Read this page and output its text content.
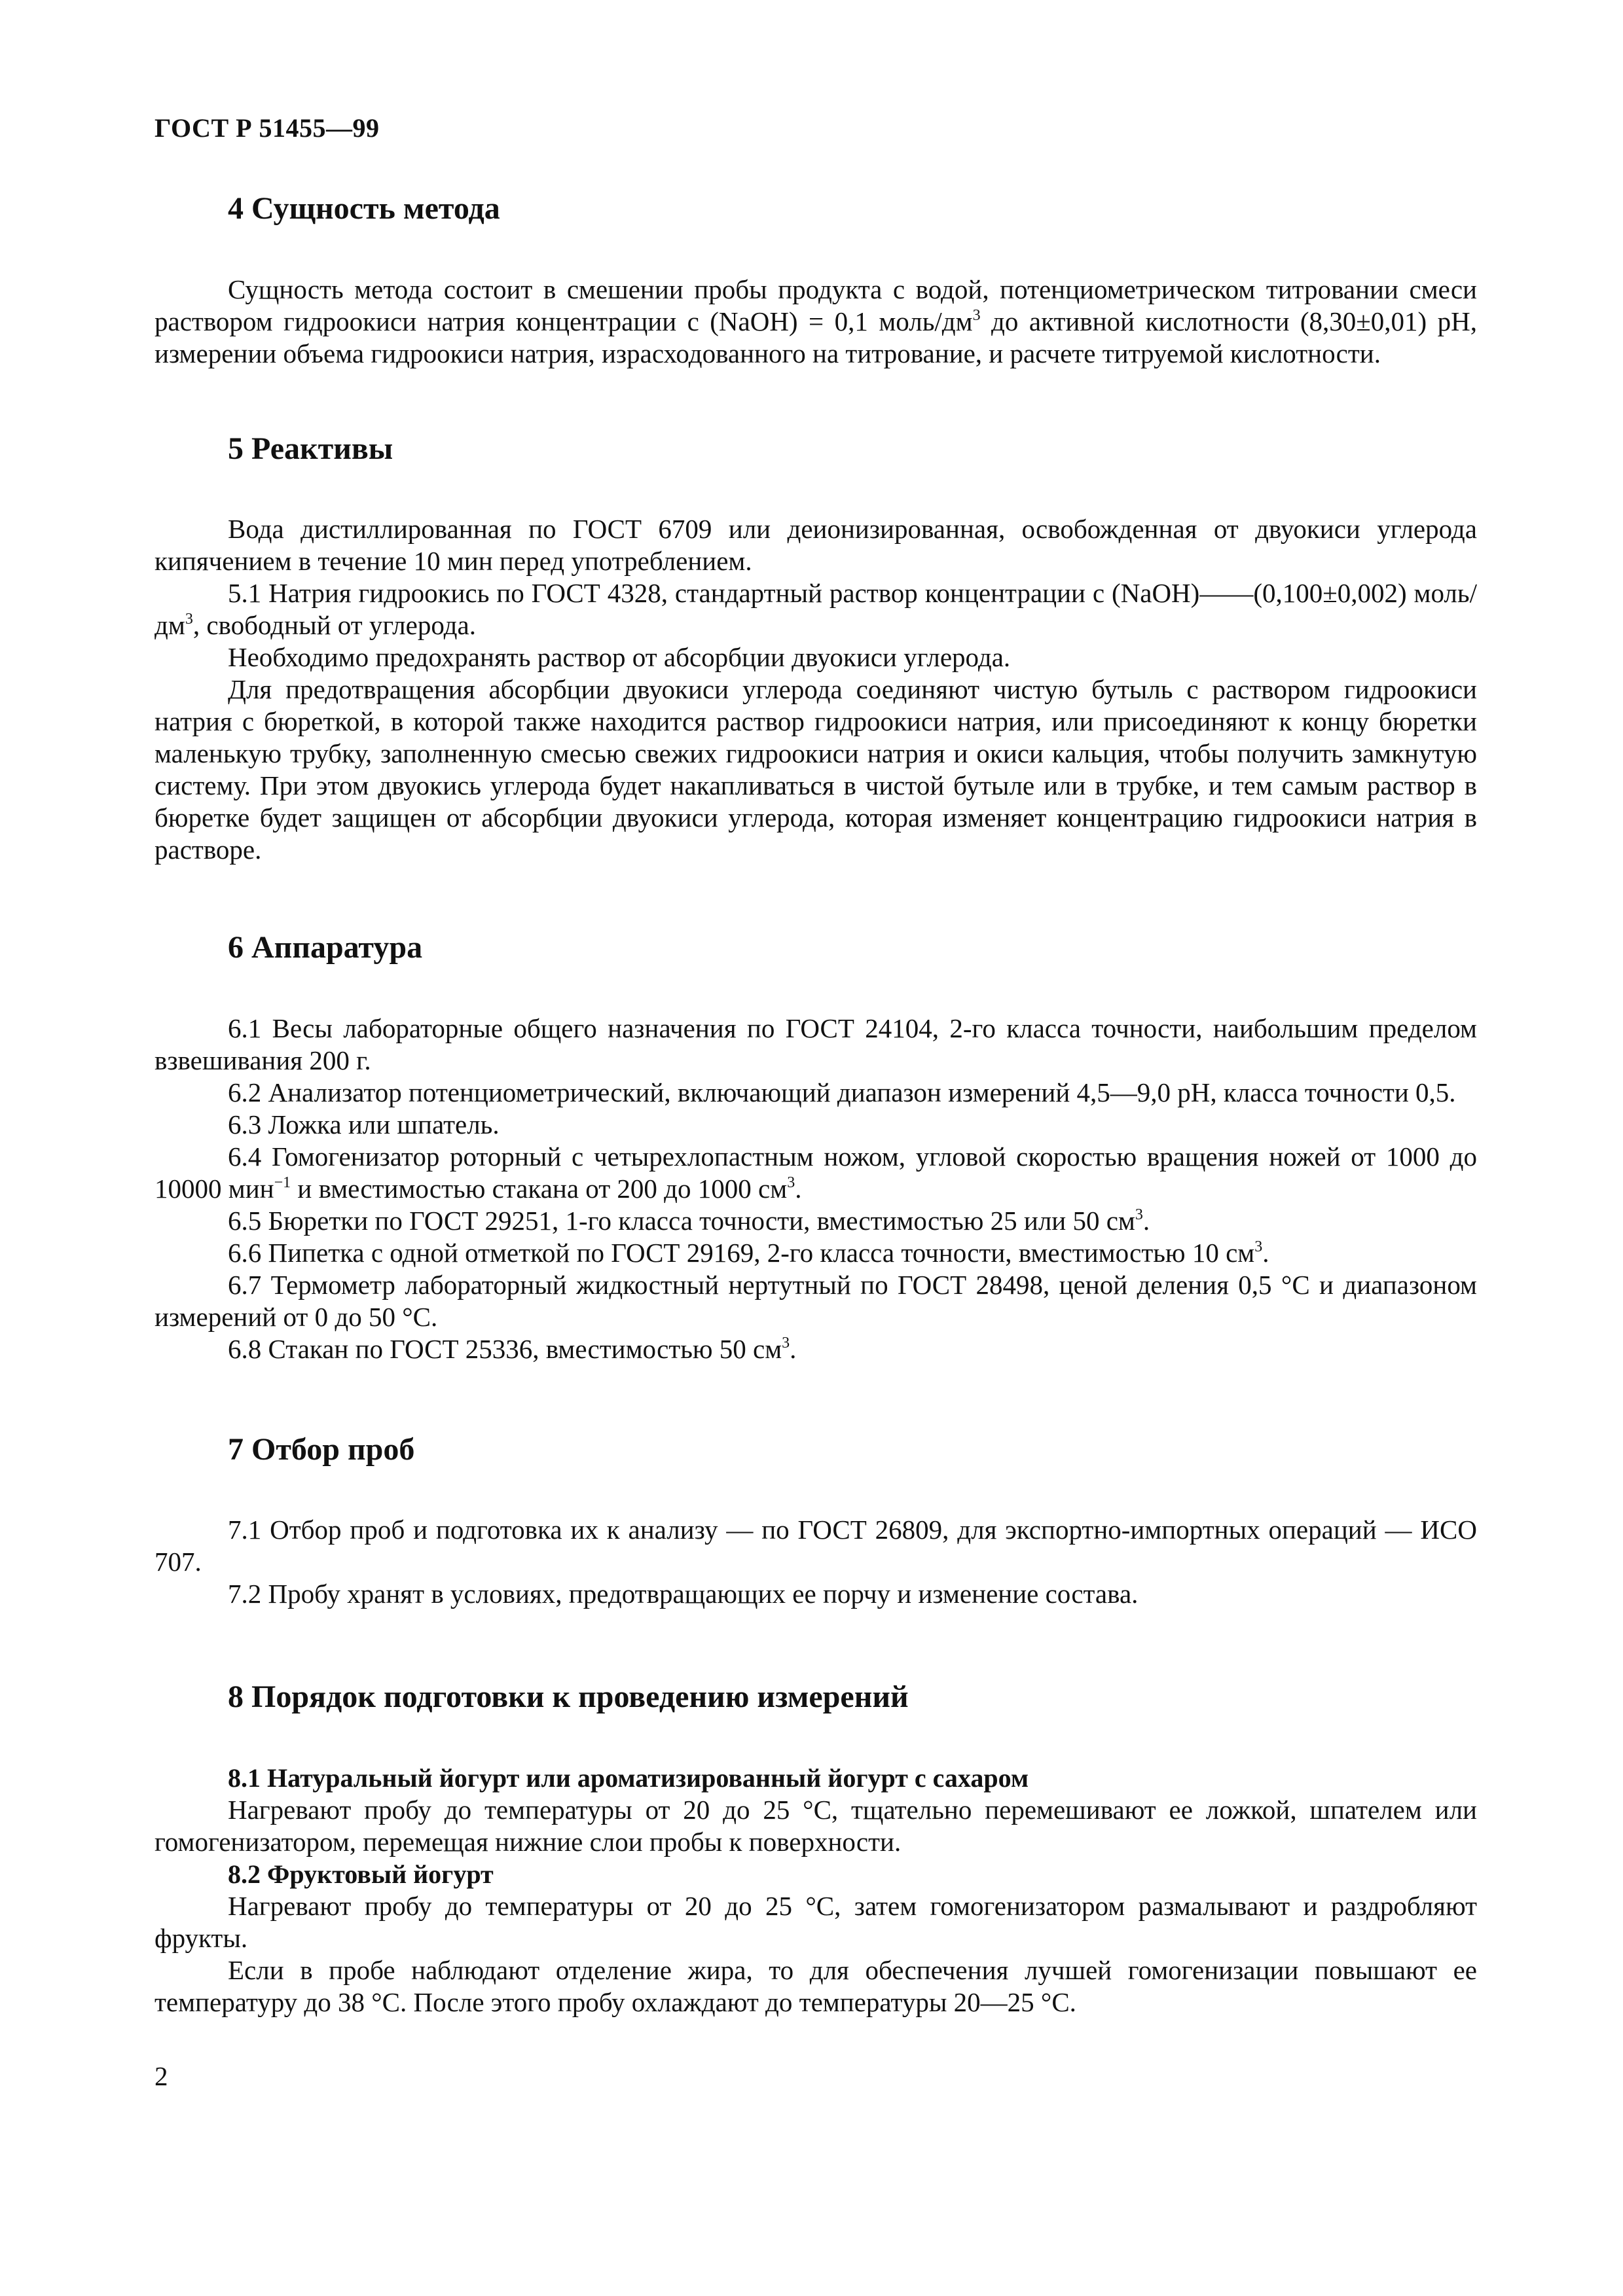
ГОСТ Р 51455—99
4 Сущность метода

Сущность метода состоит в смешении пробы продукта с водой, потенциометрическом титровании смеси раствором гидроокиси натрия концентрации c (NaOH) = 0,1 моль/$дм^3$ до активной кислотности (8,30±0,01) pH, измерении объема гидроокиси натрия, израсходованного на титрование, и расчете титруемой кислотности.

5 Реактивы

Вода дистиллированная по ГОСТ 6709 или деионизированная, освобожденная от двуокиси углерода кипячением в течение 10 мин перед употреблением.

5.1 Натрия гидроокись по ГОСТ 4328, стандартный раствор концентрации c (NaOH)——(0,100±0,002) моль/$дм^3$, свободный от углерода.

Необходимо предохранять раствор от абсорбции двуокиси углерода.

Для предотвращения абсорбции двуокиси углерода соединяют чистую бутыль с раствором гидроокиси натрия с бюреткой, в которой также находится раствор гидроокиси натрия, или присоединяют к концу бюретки маленькую трубку, заполненную смесью свежих гидроокиси натрия и окиси кальция, чтобы получить замкнутую систему. При этом двуокись углерода будет накапливаться в чистой бутыле или в трубке, и тем самым раствор в бюретке будет защищен от абсорбции двуокиси углерода, которая изменяет концентрацию гидроокиси натрия в растворе.

6 Аппаратура

6.1 Весы лабораторные общего назначения по ГОСТ 24104, 2-го класса точности, наибольшим пределом взвешивания 200 г.

6.2 Анализатор потенциометрический, включающий диапазон измерений 4,5—9,0 pH, класса точности 0,5.

6.3 Ложка или шпатель.

6.4 Гомогенизатор роторный с четырехлопастным ножом, угловой скоростью вращения ножей от 1000 до 10000 мин$^{-1}$ и вместимостью стакана от 200 до 1000 $см^3$.

6.5 Бюретки по ГОСТ 29251, 1-го класса точности, вместимостью 25 или 50 $см^3$.

6.6 Пипетка с одной отметкой по ГОСТ 29169, 2-го класса точности, вместимостью 10 $см^3$.

6.7 Термометр лабораторный жидкостный нертутный по ГОСТ 28498, ценой деления 0,5 °С и диапазоном измерений от 0 до 50 °С.

6.8 Стакан по ГОСТ 25336, вместимостью 50 $см^3$.

7 Отбор проб

7.1 Отбор проб и подготовка их к анализу — по ГОСТ 26809, для экспортно-импортных операций — ИСО 707.

7.2 Пробу хранят в условиях, предотвращающих ее порчу и изменение состава.

8 Порядок подготовки к проведению измерений

8.1 Натуральный йогурт или ароматизированный йогурт с сахаром

Нагревают пробу до температуры от 20 до 25 °С, тщательно перемешивают ее ложкой, шпателем или гомогенизатором, перемещая нижние слои пробы к поверхности.

8.2 Фруктовый йогурт

Нагревают пробу до температуры от 20 до 25 °С, затем гомогенизатором размалывают и раздробляют фрукты.

Если в пробе наблюдают отделение жира, то для обеспечения лучшей гомогенизации повышают ее температуру до 38 °С. После этого пробу охлаждают до температуры 20—25 °С.

2
